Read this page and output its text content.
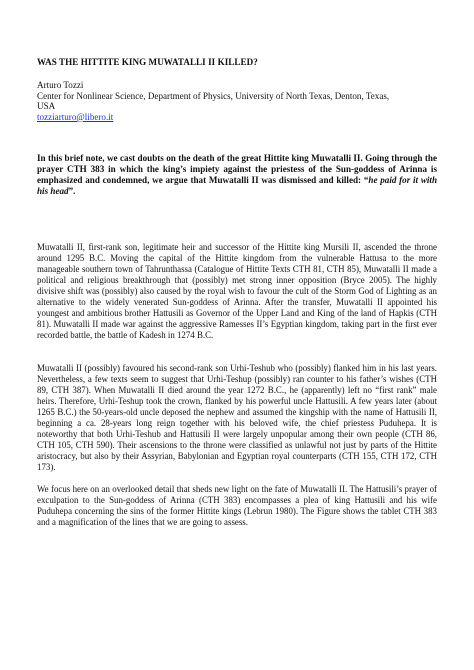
WAS THE HITTITE KING MUWATALLI II KILLED?
Arturo Tozzi
Center for Nonlinear Science, Department of Physics, University of North Texas, Denton, Texas,
USA
tozziarturo@libero.it
In this brief note, we cast doubts on the death of the great Hittite king Muwatalli II. Going through the prayer CTH 383 in which the king’s impiety against the priestess of the Sun-goddess of Arinna is emphasized and condemned, we argue that Muwatalli II was dismissed and killed: “he paid for it with his head”.

Muwatalli II, first-rank son, legitimate heir and successor of the Hittite king Mursili II, ascended the throne around 1295 B.C. Moving the capital of the Hittite kingdom from the vulnerable Hattusa to the more manageable southern town of Tahrunthassa (Catalogue of Hittite Texts CTH 81, CTH 85), Muwatalli II made a political and religious breakthrough that (possibly) met strong inner opposition (Bryce 2005). The highly divisive shift was (possibly) also caused by the royal wish to favour the cult of the Storm God of Lighting as an alternative to the widely venerated Sun-goddess of Arinna. After the transfer, Muwatalli II appointed his youngest and ambitious brother Hattusili as Governor of the Upper Land and King of the land of Hapkis (CTH 81). Muwatalli II made war against the aggressive Ramesses II’s Egyptian kingdom, taking part in the first ever recorded battle, the battle of Kadesh in 1274 B.C.

Muwatalli II (possibly) favoured his second-rank son Urhi-Teshub who (possibly) flanked him in his last years. Nevertheless, a few texts seem to suggest that Urhi-Teshup (possibly) ran counter to his father’s wishes (CTH 89, CTH 387). When Muwatalli II died around the year 1272 B.C., he (apparently) left no “first rank” male heirs. Therefore, Urhi-Teshup took the crown, flanked by his powerful uncle Hattusili. A few years later (about 1265 B.C.) the 50-years-old uncle deposed the nephew and assumed the kingship with the name of Hattusili II, beginning a ca. 28-years long reign together with his beloved wife, the chief priestess Puduhepa. It is noteworthy that both Urhi-Teshub and Hattusili II were largely unpopular among their own people (CTH 86, CTH 105, CTH 590). Their ascensions to the throne were classified as unlawful not just by parts of the Hittite aristocracy, but also by their Assyrian, Babylonian and Egyptian royal counterparts (CTH 155, CTH 172, CTH 173).

We focus here on an overlooked detail that sheds new light on the fate of Muwatalli II. The Hattusili’s prayer of exculpation to the Sun-goddess of Arinna (CTH 383) encompasses a plea of king Hattusili and his wife Puduhepa concerning the sins of the former Hittite kings (Lebrun 1980). The Figure shows the tablet CTH 383 and a magnification of the lines that we are going to assess.
